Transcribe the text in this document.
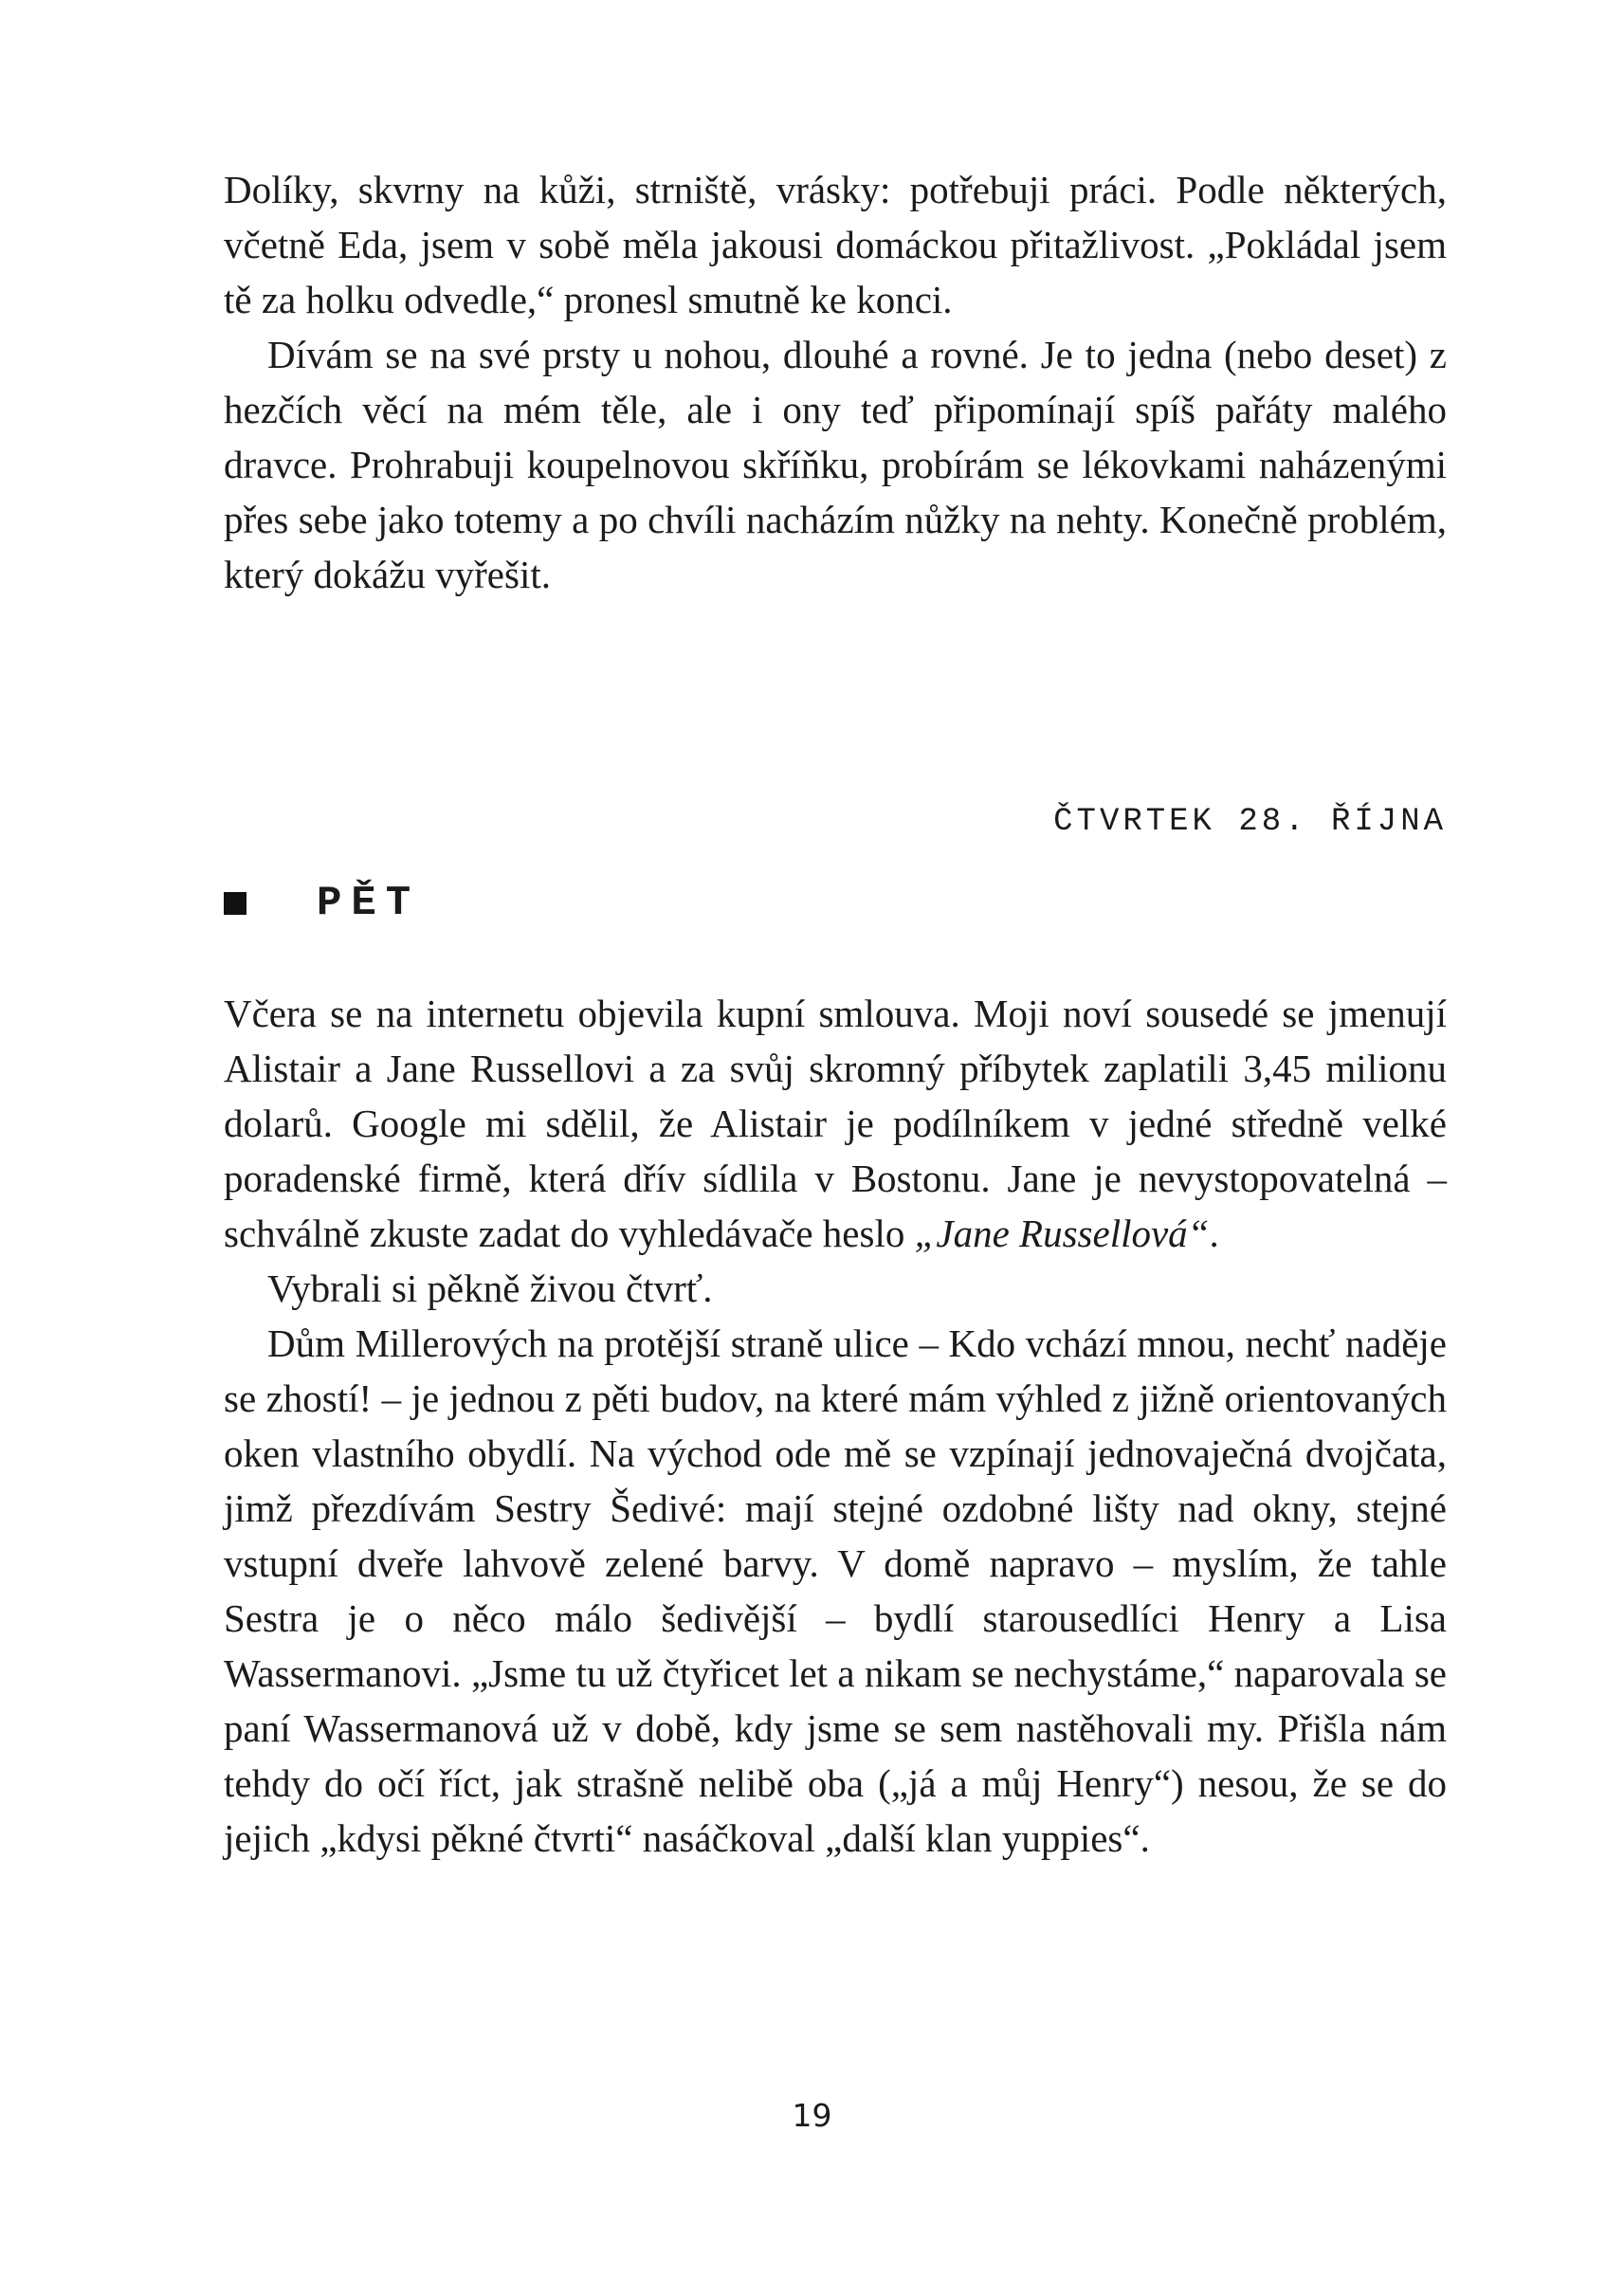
Dolíky, skvrny na kůži, strniště, vrásky: potřebuji práci. Podle některých, včetně Eda, jsem v sobě měla jakousi domáckou přitažlivost. „Pokládal jsem tě za holku odvedle,“ pronesl smutně ke konci.

Dívám se na své prsty u nohou, dlouhé a rovné. Je to jedna (nebo deset) z hezčích věcí na mém těle, ale i ony teď připomínají spíš pařáty malého dravce. Prohrabuji koupelnovou skříňku, probírám se lékovkami naházenými přes sebe jako totemy a po chvíli nacházím nůžky na nehty. Konečně problém, který dokážu vyřešit.

ČTVRTEK 28. ŘÍJNA
PĚT

Včera se na internetu objevila kupní smlouva. Moji noví sousedé se jmenují Alistair a Jane Russellovi a za svůj skromný příbytek zaplatili 3,45 milionu dolarů. Google mi sdělil, že Alistair je podílníkem v jedné středně velké poradenské firmě, která dřív sídlila v Bostonu. Jane je nevystopovatelná – schválně zkuste zadat do vyhledávače heslo „Jane Russellová“.

Vybrali si pěkně živou čtvrť.

Dům Millerových na protější straně ulice – Kdo vchází mnou, nechť naděje se zhostí! – je jednou z pěti budov, na které mám výhled z jižně orientovaných oken vlastního obydlí. Na východ ode mě se vzpínají jednovaječná dvojčata, jimž přezdívám Sestry Šedivé: mají stejné ozdobné lišty nad okny, stejné vstupní dveře lahvově zelené barvy. V domě napravo – myslím, že tahle Sestra je o něco málo šedivější – bydlí starousedlíci Henry a Lisa Wassermanovi. „Jsme tu už čtyřicet let a nikam se nechystáme,“ naparovala se paní Wassermanová už v době, kdy jsme se sem nastěhovali my. Přišla nám tehdy do očí říct, jak strašně nelibě oba („já a můj Henry“) nesou, že se do jejich „kdysi pěkné čtvrti“ nasáčkoval „další klan yuppies“.

19
